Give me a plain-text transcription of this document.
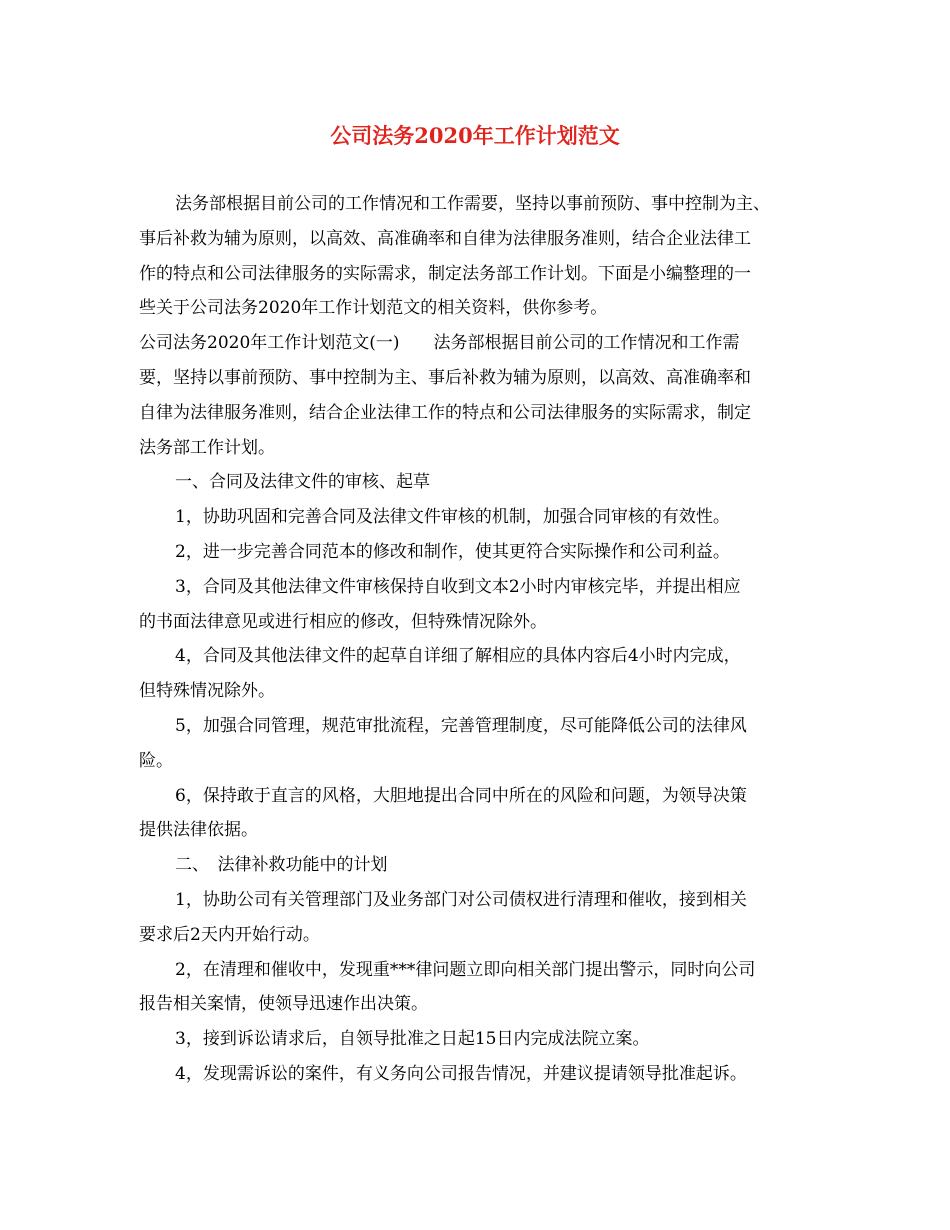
公司法务2020年工作计划范文
法务部根据目前公司的工作情况和工作需要，坚持以事前预防、事中控制为主、
事后补救为辅为原则，以高效、高准确率和自律为法律服务准则，结合企业法律工
作的特点和公司法律服务的实际需求，制定法务部工作计划。下面是小编整理的一
些关于公司法务2020年工作计划范文的相关资料，供你参考。
公司法务2020年工作计划范文(一)　　法务部根据目前公司的工作情况和工作需
要，坚持以事前预防、事中控制为主、事后补救为辅为原则，以高效、高准确率和
自律为法律服务准则，结合企业法律工作的特点和公司法律服务的实际需求，制定
法务部工作计划。
一、合同及法律文件的审核、起草
1，协助巩固和完善合同及法律文件审核的机制，加强合同审核的有效性。
2，进一步完善合同范本的修改和制作，使其更符合实际操作和公司利益。
3，合同及其他法律文件审核保持自收到文本2小时内审核完毕，并提出相应
的书面法律意见或进行相应的修改，但特殊情况除外。
4，合同及其他法律文件的起草自详细了解相应的具体内容后4小时内完成，
但特殊情况除外。
5，加强合同管理，规范审批流程，完善管理制度，尽可能降低公司的法律风
险。
6，保持敢于直言的风格，大胆地提出合同中所在的风险和问题，为领导决策
提供法律依据。
二、　法律补救功能中的计划
1，协助公司有关管理部门及业务部门对公司债权进行清理和催收，接到相关
要求后2天内开始行动。
2，在清理和催收中，发现重***律问题立即向相关部门提出警示，同时向公司
报告相关案情，使领导迅速作出决策。
3，接到诉讼请求后，自领导批准之日起15日内完成法院立案。
4，发现需诉讼的案件，有义务向公司报告情况，并建议提请领导批准起诉。
